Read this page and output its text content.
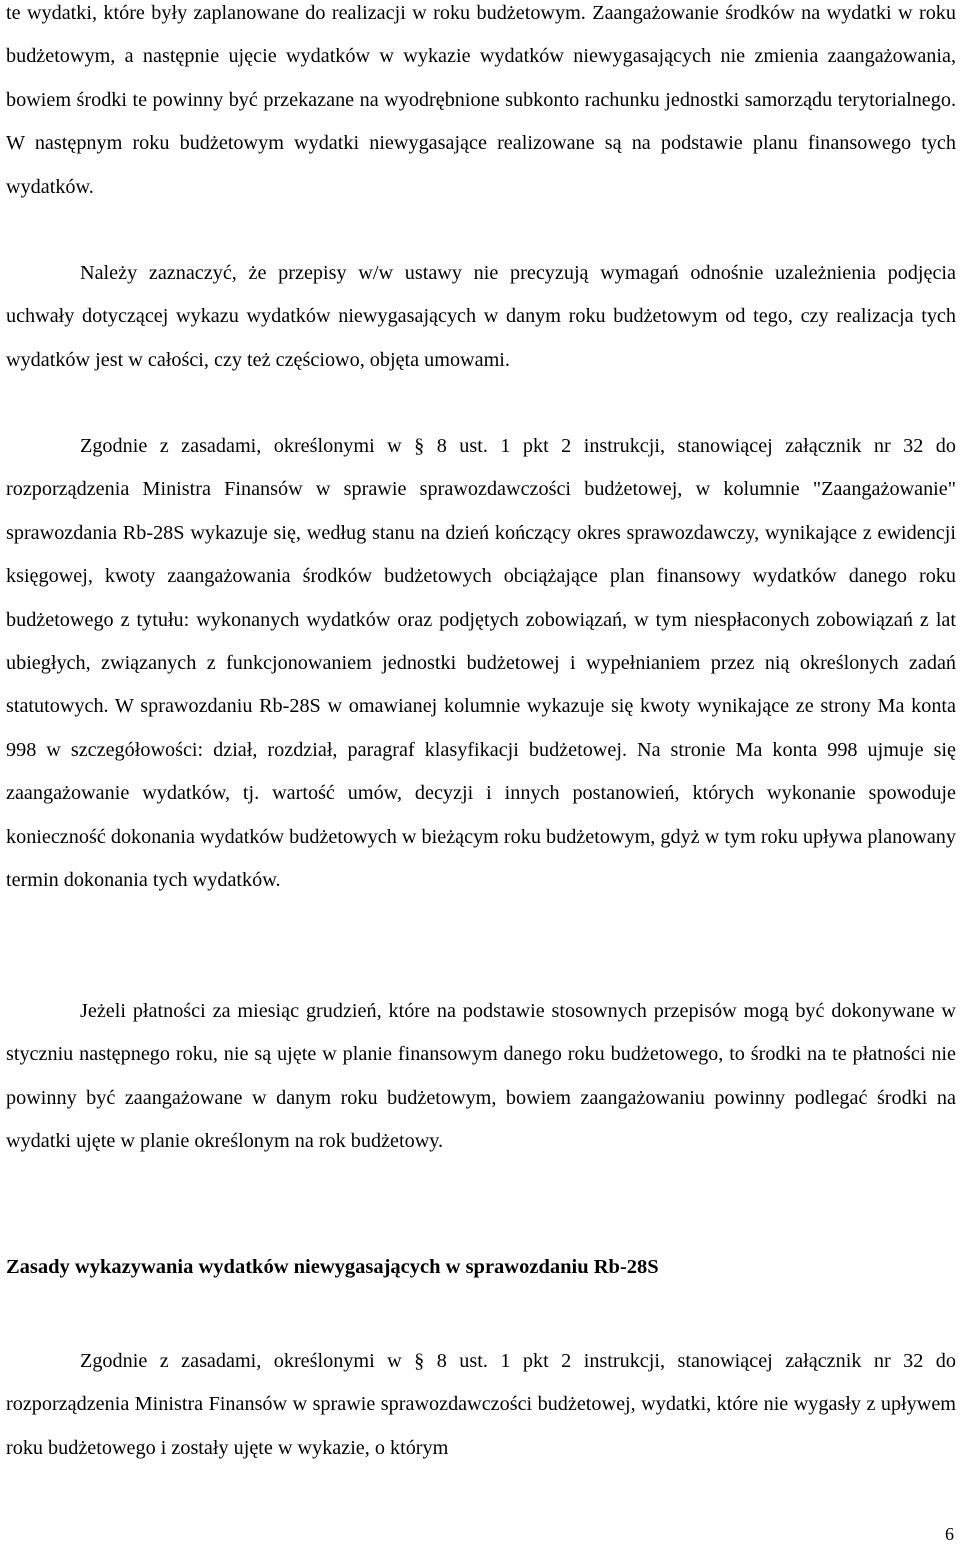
te wydatki, które były zaplanowane do realizacji w roku budżetowym. Zaangażowanie środków na wydatki w roku budżetowym, a następnie ujęcie wydatków w wykazie wydatków niewygasających nie zmienia zaangażowania, bowiem środki te powinny być przekazane na wyodrębnione subkonto rachunku jednostki samorządu terytorialnego. W następnym roku budżetowym wydatki niewygasające realizowane są na podstawie planu finansowego tych wydatków.

Należy zaznaczyć, że przepisy w/w ustawy nie precyzują wymagań odnośnie uzależnienia podjęcia uchwały dotyczącej wykazu wydatków niewygasających w danym roku budżetowym od tego, czy realizacja tych wydatków jest w całości, czy też częściowo, objęta umowami.

Zgodnie z zasadami, określonymi w § 8 ust. 1 pkt 2 instrukcji, stanowiącej załącznik nr 32 do rozporządzenia Ministra Finansów w sprawie sprawozdawczości budżetowej, w kolumnie "Zaangażowanie" sprawozdania Rb-28S wykazuje się, według stanu na dzień kończący okres sprawozdawczy, wynikające z ewidencji księgowej, kwoty zaangażowania środków budżetowych obciążające plan finansowy wydatków danego roku budżetowego z tytułu: wykonanych wydatków oraz podjętych zobowiązań, w tym niespłaconych zobowiązań z lat ubiegłych, związanych z funkcjonowaniem jednostki budżetowej i wypełnianiem przez nią określonych zadań statutowych. W sprawozdaniu Rb-28S w omawianej kolumnie wykazuje się kwoty wynikające ze strony Ma konta 998 w szczegółowości: dział, rozdział, paragraf klasyfikacji budżetowej. Na stronie Ma konta 998 ujmuje się zaangażowanie wydatków, tj. wartość umów, decyzji i innych postanowień, których wykonanie spowoduje konieczność dokonania wydatków budżetowych w bieżącym roku budżetowym, gdyż w tym roku upływa planowany termin dokonania tych wydatków.

Jeżeli płatności za miesiąc grudzień, które na podstawie stosownych przepisów mogą być dokonywane w styczniu następnego roku, nie są ujęte w planie finansowym danego roku budżetowego, to środki na te płatności nie powinny być zaangażowane w danym roku budżetowym, bowiem zaangażowaniu powinny podlegać środki na wydatki ujęte w planie określonym na rok budżetowy.

Zasady wykazywania wydatków niewygasających w sprawozdaniu Rb-28S

Zgodnie z zasadami, określonymi w § 8 ust. 1 pkt 2 instrukcji, stanowiącej załącznik nr 32 do rozporządzenia Ministra Finansów w sprawie sprawozdawczości budżetowej, wydatki, które nie wygasły z upływem roku budżetowego i zostały ujęte w wykazie, o którym

6
